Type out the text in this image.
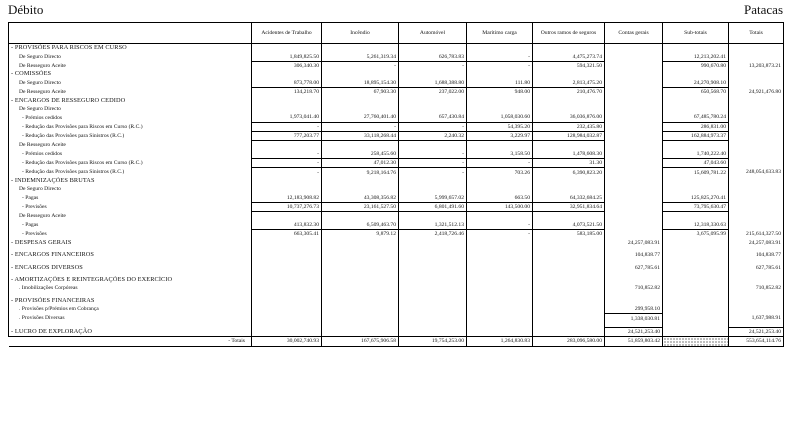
Débito	Patacas
	Acidentes de Trabalho	Incêndio	Automóvel	Marítimo carga	Outros ramos de seguros	Contas gerais	Sub-totais	Totais
- PROVISÕES PARA RISCOS EM CURSO								
De Seguro Directo	1,849,825.50	5,261,319.34	626,783.83	-	4,475,273.74		12,213,202.41	
De Resseguro Aceite	306,340.30	-	-	-	594,321.50		990,670.80	13,203,873.21
- COMISSÕES								
De Seguro Directo	873,778.00	18,895,154.30	1,688,388.80	111.80	2,813,475.20		24,270,908.10	
De Resseguro Aceite	134,218.70	67,903.30	237,022.00	948.00	210,476.70		650,568.70	24,921,476.80
- ENCARGOS DE RESSEGURO CEDIDO								
De Seguro Directo								
- Prémios cedidos	1,973,041.40	27,760,401.40	657,430.84	1,058,030.60	36,036,876.00		67,485,780.24	
- Redução das Provisões para Riscos em Curso (R.C.)	-	-	-	54,395.20	232,435.80		286,831.00	
- Redução das Provisões para Sinistros (R.C.)	777,203.77	33,118,268.44	2,240.32	3,229.97	128,984,032.87		162,884,973.37	
De Resseguro Aceite								
- Prémios cedidos	-	258,455.60	-	3,158.50	1,478,608.30		1,740,222.40	
- Redução das Provisões para Riscos em Curso (R.C.)	-	47,012.30	-	-	31.30		47,043.60	
- Redução das Provisões para Sinistros (R.C.)	-	9,218,164.76	-	703.26	6,390,823.20		15,609,781.22	248,054,633.83
- INDEMNIZAÇÕES BRUTAS								
De Seguro Directo								
- Pagas	12,183,908.82	43,308,356.82	5,999,657.02	663.50	64,332,684.25		125,825,270.41	
- Previsões	10,737,276.73	23,161,527.50	6,801,491.60	143,500.00	32,951,834.64		73,795,630.47	
De Resseguro Aceite								
- Pagas	413,832.30	6,509,463.70	1,321,512.13	-	4,073,521.50		12,318,330.63	
- Previsões	663,305.41	9,879.12	2,418,726.46	-	583,185.00		3,675,095.99	215,614,327.50
- DESPESAS GERAIS						24,257,083.91		24,257,083.91

- ENCARGOS FINANCEIROS						104,838.77		104,838.77

- ENCARGOS DIVERSOS						627,785.61		627,785.61

- AMORTIZAÇÕES E REINTEGRAÇÕES DO EXERCÍCIO								
. Imobilizações Corpóreas						710,852.82		710,852.82

- PROVISÕES FINANCEIRAS								
. Provisões p/Prémios em Cobrança						299,958.10		
. Provisões Diversas						1,338,030.81		1,637,988.91

- LUCRO DE EXPLORAÇÃO						24,521,253.40		24,521,253.40
- Totais	30,002,740.93	167,675,906.58	19,754,253.00	1,264,830.83	283,096,580.00	51,859,803.42		553,654,114.76
